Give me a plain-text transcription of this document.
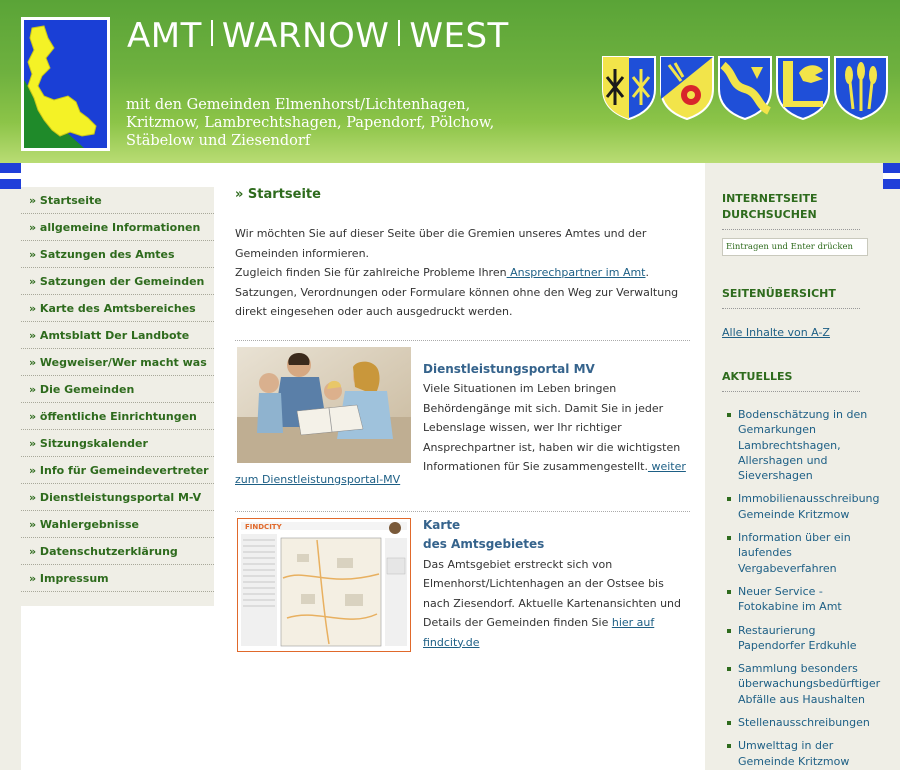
AMT WARNOW WEST
mit den Gemeinden Elmenhorst/Lichtenhagen, Kritzmow, Lambrechtshagen, Papendorf, Pölchow, Stäbelow und Ziesendorf
» Startseite
» allgemeine Informationen
» Satzungen des Amtes
» Satzungen der Gemeinden
» Karte des Amtsbereiches
» Amtsblatt Der Landbote
» Wegweiser/Wer macht was
» Die Gemeinden
» öffentliche Einrichtungen
» Sitzungskalender
» Info für Gemeindevertreter
» Dienstleistungsportal M-V
» Wahlergebnisse
» Datenschutzerklärung
» Impressum
» Startseite
Wir möchten Sie auf dieser Seite über die Gremien unseres Amtes und der Gemeinden informieren.
Zugleich finden Sie für zahlreiche Probleme Ihren Ansprechpartner im Amt. Satzungen, Verordnungen oder Formulare können ohne den Weg zur Verwaltung direkt eingesehen oder auch ausgedruckt werden.
Dienstleistungsportal MV
Viele Situationen im Leben bringen Behördengänge mit sich. Damit Sie in jeder Lebenslage wissen, wer Ihr richtiger Ansprechpartner ist, haben wir die wichtigsten Informationen für Sie zusammengestellt. weiter
zum Dienstleistungsportal-MV
FINDCITY	Karte
des Amtsgebietes
Das Amtsgebiet erstreckt sich von Elmenhorst/Lichtenhagen an der Ostsee bis nach Ziesendorf. Aktuelle Kartenansichten und Details der Gemeinden finden Sie hier auf
findcity.de
INTERNETSEITE
DURCHSUCHEN
Eintragen und Enter drücken
SEITENÜBERSICHT
Alle Inhalte von A-Z
AKTUELLES
Bodenschätzung in den Gemarkungen Lambrechtshagen, Allershagen und Sievershagen
Immobilienausschreibung Gemeinde Kritzmow
Information über ein laufendes Vergabeverfahren
Neuer Service - Fotokabine im Amt
Restaurierung Papendorfer Erdkuhle
Sammlung besonders überwachungsbedürftiger Abfälle aus Haushalten
Stellenausschreibungen
Umwelttag in der Gemeinde Kritzmow
